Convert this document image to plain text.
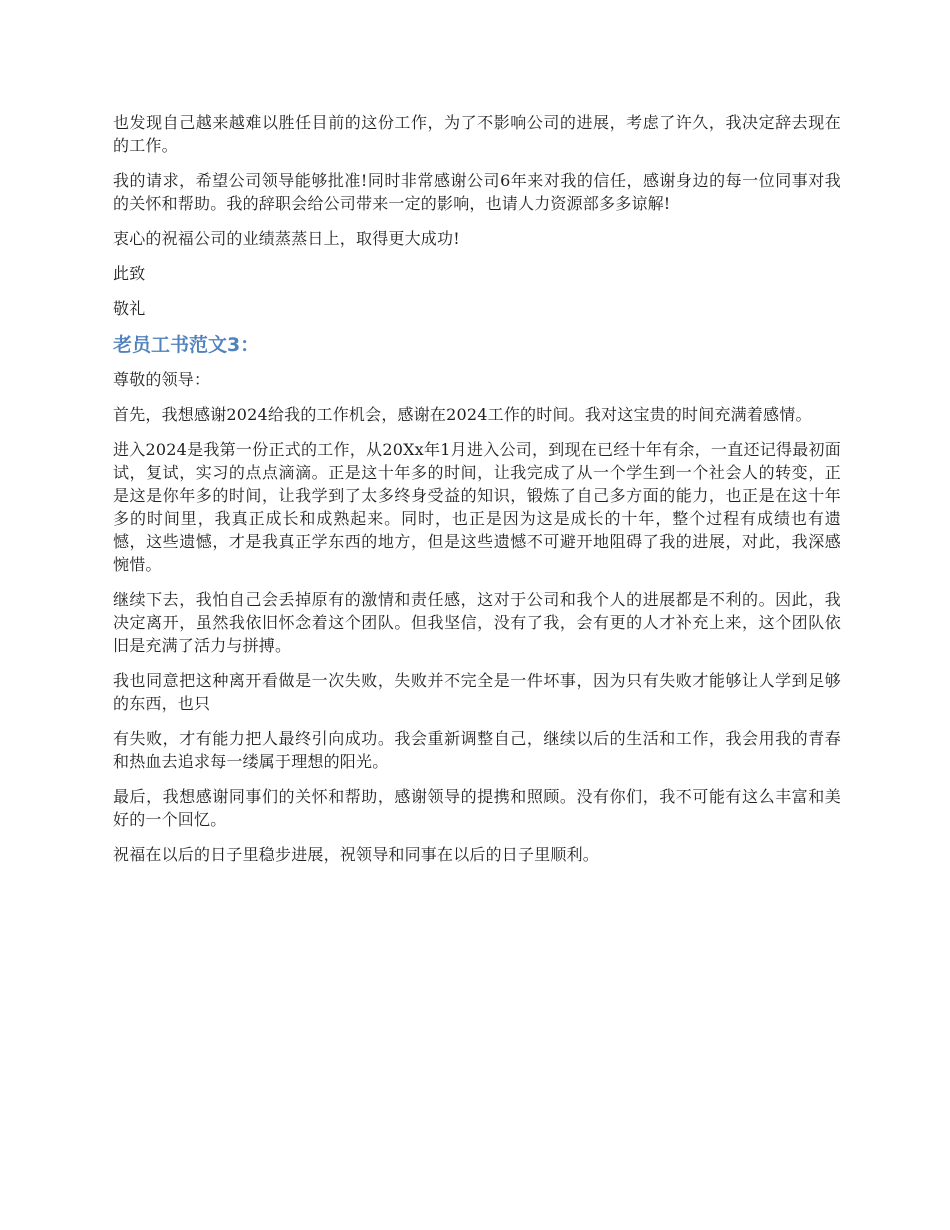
也发现自己越来越难以胜任目前的这份工作，为了不影响公司的进展，考虑了许久，我决定辞去现在的工作。

我的请求，希望公司领导能够批准!同时非常感谢公司6年来对我的信任，感谢身边的每一位同事对我的关怀和帮助。我的辞职会给公司带来一定的影响，也请人力资源部多多谅解!

衷心的祝福公司的业绩蒸蒸日上，取得更大成功!

此致

敬礼

老员工书范文3：

尊敬的领导：

首先，我想感谢2024给我的工作机会，感谢在2024工作的时间。我对这宝贵的时间充满着感情。

进入2024是我第一份正式的工作，从20Xx年1月进入公司，到现在已经十年有余，一直还记得最初面试，复试，实习的点点滴滴。正是这十年多的时间，让我完成了从一个学生到一个社会人的转变，正是这是你年多的时间，让我学到了太多终身受益的知识，锻炼了自己多方面的能力，也正是在这十年多的时间里，我真正成长和成熟起来。同时，也正是因为这是成长的十年，整个过程有成绩也有遗憾，这些遗憾，才是我真正学东西的地方，但是这些遗憾不可避开地阻碍了我的进展，对此，我深感惋惜。

继续下去，我怕自己会丢掉原有的激情和责任感，这对于公司和我个人的进展都是不利的。因此，我决定离开，虽然我依旧怀念着这个团队。但我坚信，没有了我，会有更的人才补充上来，这个团队依旧是充满了活力与拼搏。

我也同意把这种离开看做是一次失败，失败并不完全是一件坏事，因为只有失败才能够让人学到足够的东西，也只

有失败，才有能力把人最终引向成功。我会重新调整自己，继续以后的生活和工作，我会用我的青春和热血去追求每一缕属于理想的阳光。

最后，我想感谢同事们的关怀和帮助，感谢领导的提携和照顾。没有你们，我不可能有这么丰富和美好的一个回忆。

祝福在以后的日子里稳步进展，祝领导和同事在以后的日子里顺利。
